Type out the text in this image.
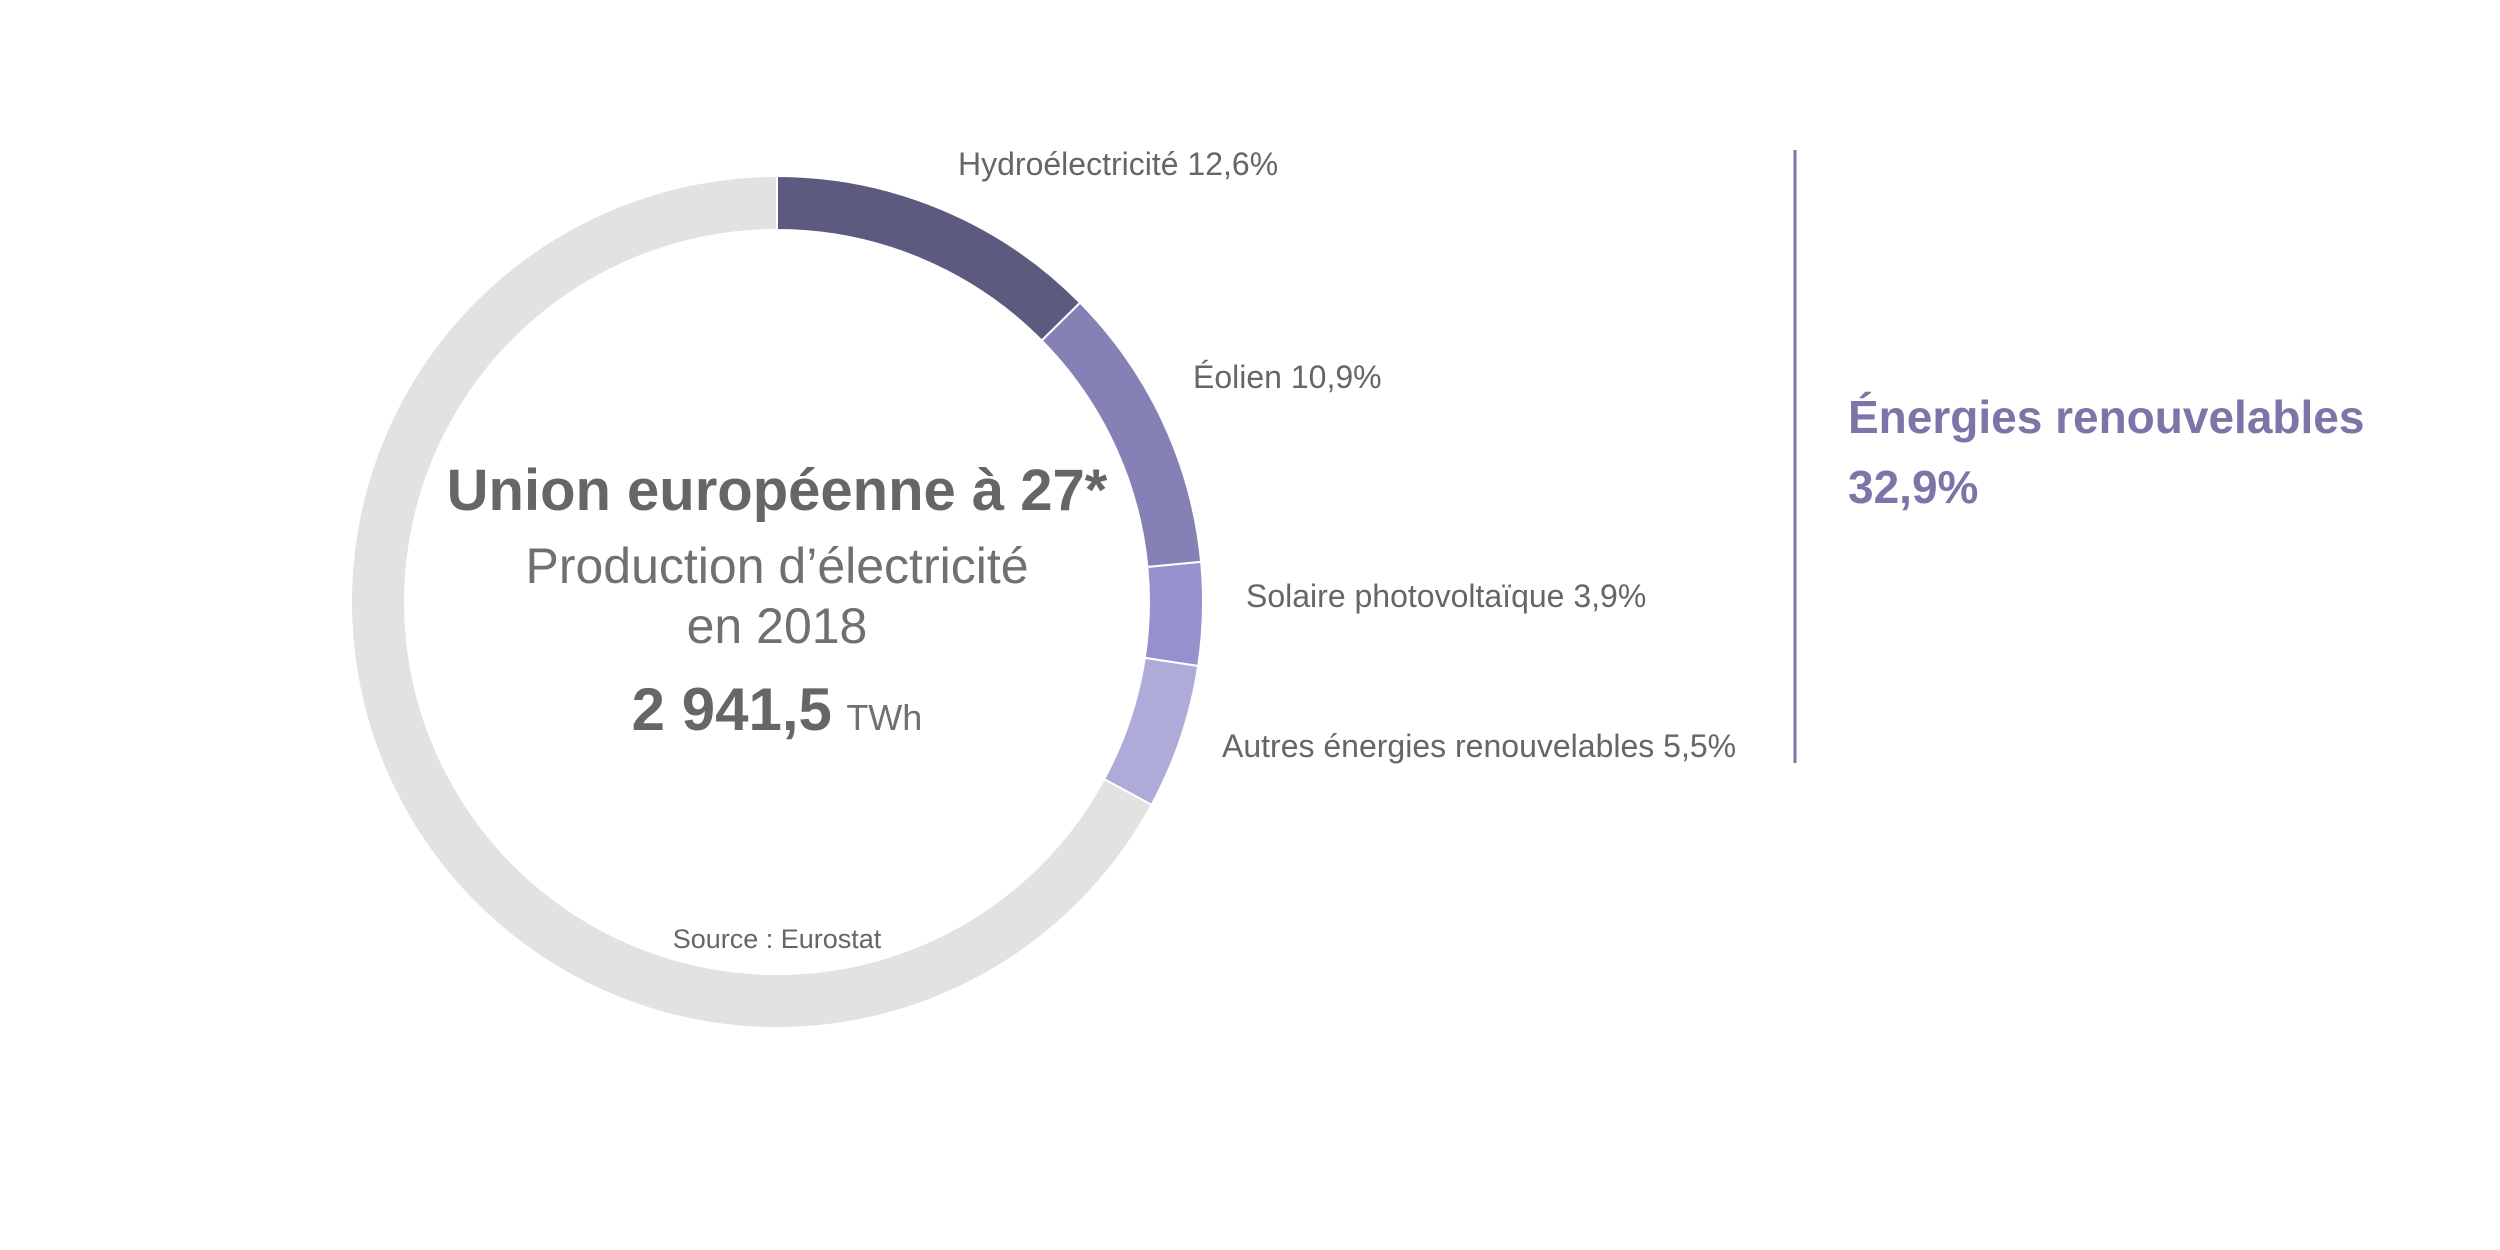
Union européenne à 27*
Production d’électricité
en 2018
2 941,5 TWh
Hydroélectricité 12,6%
Éolien 10,9%
Solaire photovoltaïque 3,9%
Autres énergies renouvelables 5,5%
Source : Eurostat
Énergies renouvelables
32,9%
